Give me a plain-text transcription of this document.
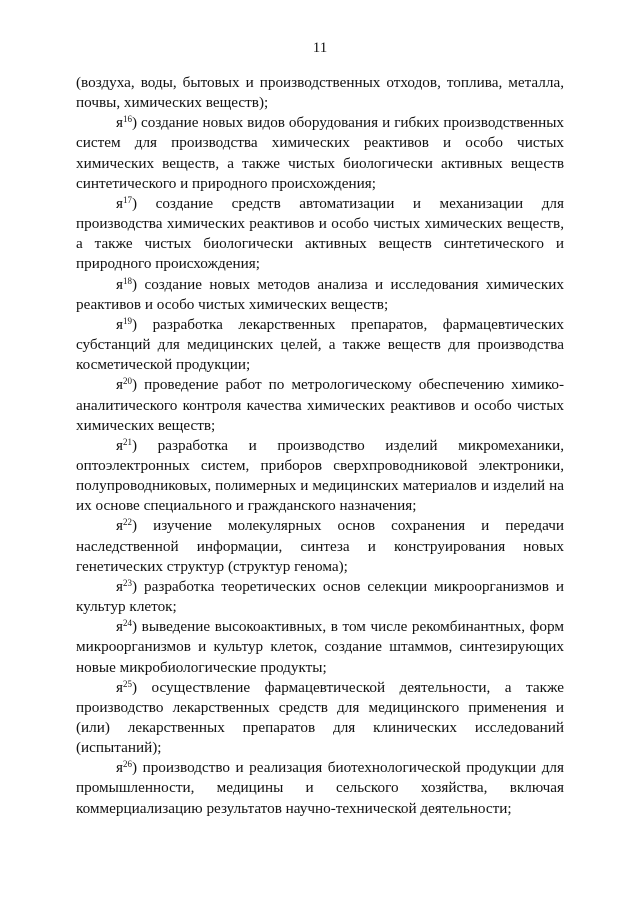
11

(воздуха, воды, бытовых и производственных отходов, топлива, металла, почвы, химических веществ);

$я^{16}$) создание новых видов оборудования и гибких производственных систем для производства химических реактивов и особо чистых химических веществ, а также чистых биологически активных веществ синтетического и природного происхождения;

$я^{17}$) создание средств автоматизации и механизации для производства химических реактивов и особо чистых химических веществ, а также чистых биологически активных веществ синтетического и природного происхождения;

$я^{18}$) создание новых методов анализа и исследования химических реактивов и особо чистых химических веществ;

$я^{19}$) разработка лекарственных препаратов, фармацевтических субстанций для медицинских целей, а также веществ для производства косметической продукции;

$я^{20}$) проведение работ по метрологическому обеспечению химико-аналитического контроля качества химических реактивов и особо чистых химических веществ;

$я^{21}$) разработка и производство изделий микромеханики, оптоэлектронных систем, приборов сверхпроводниковой электроники, полупроводниковых, полимерных и медицинских материалов и изделий на их основе специального и гражданского назначения;

$я^{22}$) изучение молекулярных основ сохранения и передачи наследственной информации, синтеза и конструирования новых генетических структур (структур генома);

$я^{23}$) разработка теоретических основ селекции микроорганизмов и культур клеток;

$я^{24}$) выведение высокоактивных, в том числе рекомбинантных, форм микроорганизмов и культур клеток, создание штаммов, синтезирующих новые микробиологические продукты;

$я^{25}$) осуществление фармацевтической деятельности, а также производство лекарственных средств для медицинского применения и (или) лекарственных препаратов для клинических исследований (испытаний);

$я^{26}$) производство и реализация биотехнологической продукции для промышленности, медицины и сельского хозяйства, включая коммерциализацию результатов научно-технической деятельности;
